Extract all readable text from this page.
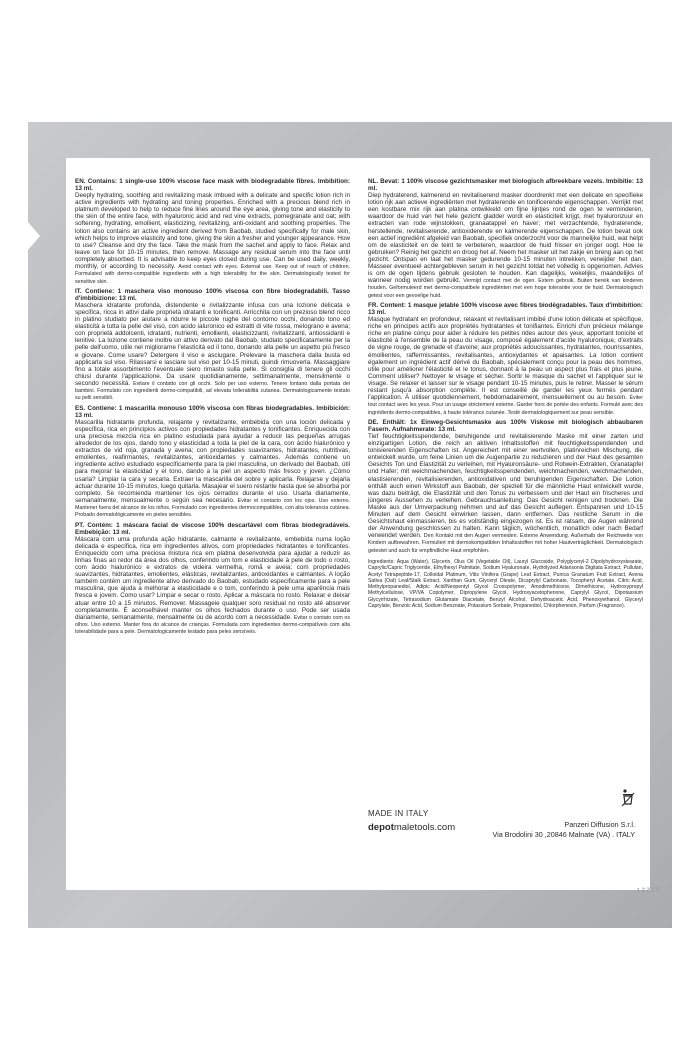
EN. Contains: 1 single-use 100% viscose face mask with biodegradable fibres. Imbibition: 13 ml.
Deeply hydrating, soothing and revitalizing mask imbued with a delicate and specific lotion rich in active ingredients with hydrating and toning properties. Enriched with a precious blend rich in platinum developed to help to reduce fine lines around the eye area, giving tone and elasticity to the skin of the entire face, with hyaluronic acid and red vine extracts, pomegranate and oat; with softening, hydrating, emollient, elasticizing, revitalizing, anti-oxidant and soothing properties. The lotion also contains an active ingredient derived from Baobab, studied specifically for male skin, which helps to improve elasticity and tone, giving the skin a fresher and younger appearance. How to use? Cleanse and dry the face. Take the mask from the sachet and apply to face. Relax and leave on face for 10-15 minutes, then remove. Massage any residual serum into the face until completely absorbed. It is advisable to keep eyes closed during use. Can be used daily, weekly, monthly, or according to necessity. Avoid contact with eyes. External use. Keep out of reach of children. Formulated with dermo-compatible ingredients with a high tolerability for the skin. Dermatologically tested for sensitive skin.
IT. Contiene: 1 maschera viso monouso 100% viscosa con fibre biodegradabili. Tasso d'imbibizione: 13 ml.
Maschera idratante profonda, distendente e rivitalizzante infusa con una lozione delicata e specifica, ricca in attivi dalle proprietà idratanti e tonificanti. Arricchita con un prezioso blend ricco in platino studiato per aiutare a ridurre le piccole rughe del contorno occhi, donando tono ed elasticità a tutta la pelle del viso, con acido ialuronico ed estratti di vite rossa, melograno e avena; con proprietà addolcenti, idratanti, nutrienti, emollienti, elasticizzanti, rivitalizzanti, antiossidanti e lenitive. La lozione contiene inoltre un attivo derivato dal Baobab, studiato specificatamente per la pelle dell'uomo, utile nel migliorarne l'elasticità ed il tono, donando alla pelle un aspetto più fresco e giovane. Come usare? Detergere il viso e asciugare. Prelevare la maschera dalla busta ed applicarla sul viso. Rilassarsi e lasciare sul viso per 10-15 minuti, quindi rimuoverla. Massaggiare fino a totale assorbimento l'eventuale siero rimasto sulla pelle. Si consiglia di tenere gli occhi chiusi durante l'applicazione. Da usare quotidianamente, settimanalmente, mensilmente o secondo necessità. Evitare il contatto con gli occhi. Solo per uso esterno. Tenere lontano dalla portata dei bambini. Formulato con ingredienti dermo-compatibili, ad elevata tollerabilità cutanea. Dermatologicamente testato su pelli sensibili.
ES. Contiene: 1 mascarilla monouso 100% viscosa con fibras biodegradables. Imbibición: 13 ml.
Mascarilla hidratante profunda, relajante y revitalizante, embebida con una loción delicada y específica, rica en principios activos con propiedades hidratantes y tonificantes. Enriquecida con una preciosa mezcla rica en platino estudiada para ayudar a reducir las pequeñas arrugas alrededor de los ojos, dando tono y elasticidad a toda la piel de la cara, con ácido hialurónico y extractos de vid roja, granada y avena; con propiedades suavizantes, hidratantes, nutritivas, emolientes, reafirmantes, revitalizantes, antioxidantes y calmantes. Además contiene un ingrediente activo estudiado específicamente para la piel masculina, un derivado del Baobab, útil para mejorar la elasticidad y el tono, dando a la piel un aspecto más fresco y joven. ¿Cómo usarla? Limpiar la cara y secarla. Extraer la mascarilla del sobre y aplicarla. Relajarse y dejarla actuar durante 10-15 minutos, luego quitarla. Masajear el suero restante hasta que se absorba por completo. Se recomienda mantener los ojos cerrados durante el uso. Usarla diariamente, semanalmente, mensualmente o según sea necesario. Evitar el contacto con los ojos. Uso externo. Mantener fuera del alcance de los niños. Formulado con ingredientes dermocompatibles, con alta tolerancia cutánea. Probado dermatológicamente en pieles sensibles.
PT. Contém: 1 máscara facial de viscose 100% descartável com fibras biodegradáveis. Embebição: 13 ml.
Máscara com uma profunda ação hidratante, calmante e revitalizante, embebida numa loção delicada e específica, rica em ingredientes ativos, com propriedades hidratantes e tonificantes. Enriquecido com uma preciosa mistura rica em platina desenvolvida para ajudar a reduzir as linhas finas ao redor da área dos olhos, conferindo um tom e elasticidade à pele de todo o rosto, com ácido hialurónico e extratos de videira vermelha, romã e aveia; com propriedades suavizantes, hidratantes, emolientes, elásticas, revitalizantes, antioxidantes e calmantes. A loção também contém um ingrediente ativo derivado do Baobab, estudado especificamente para a pele masculina, que ajuda a melhorar a elasticidade e o tom, conferindo à pele uma aparência mais fresca e jovem. Como usar? Limpar e secar o rosto. Aplicar a máscara no rosto. Relaxar e deixar atuar entre 10 a 15 minutos. Remover. Massageie qualquer soro residual no rosto até absorver completamente. É aconselhável manter os olhos fechados durante o uso. Pode ser usada diariamente, semanalmente, mensalmente ou de acordo com a necessidade. Evitar o contato com os olhos. Uso externo. Manter fora do alcance de crianças. Formulada com ingredientes dermo-compatíveis com alta tolerabilidade para a pele. Dermatologicamente testado para peles sensíveis.
NL. Bevat: 1 100% viscose gezichtsmasker met biologisch afbreekbare vezels. Imbibitie: 13 ml.
Diep hydraterend, kalmerend en revitaliserend masker doordrenkt met een delicate en specifieke lotion rijk aan actieve ingrediënten met hydraterende en tonificerende eigenschappen. Verrijkt met een kostbare mix rijk aan platina ontwikkeld om fijne lijntjes rond de ogen te verminderen, waardoor de huid van het hele gezicht gladder wordt en elasticiteit krijgt, met hyaluronzuur en extracten van rode wijnstokken, granaatappel en haver; met verzachtende, hydraterende, herstellende, revitaliserende, antioxiderende en kalmerende eigenschappen. De lotion bevat ook een actief ingrediënt afgeleid van Baobab, specifiek onderzocht voor de mannelijke huid, wat helpt om de elasticiteit en de teint te verbeteren, waardoor de huid frisser en jonger oogt. Hoe te gebruiken? Reinig het gezicht en droog het af. Neem het masker uit het zakje en breng aan op het gezicht. Ontspan en laat het masker gedurende 10-15 minuten intrekken, verwijder het dan. Masseer eventueel achtergebleven serum in het gezicht totdat het volledig is opgenomen. Advies is om de ogen tijdens gebruik gesloten te houden. Kan dagelijks, wekelijks, maandelijks of wanneer nodig worden gebruikt. Vermijd contact met de ogen. Extern gebruik. Buiten bereik van kinderen houden. Geformuleerd met dermo-compatibele ingrediënten met een hoge tolerantie voor de huid. Dermatologisch getest voor een gevoelige huid.
FR. Content: 1 masque jetable 100% viscose avec fibres biodégradables. Taux d'imbibition: 13 ml.
Masque hydratant en profondeur, relaxant et revitalisant imbibé d'une lotion délicate et spécifique, riche en principes actifs aux propriétés hydratantes et tonifiantes. Enrichi d'un précieux mélange riche en platine conçu pour aider à réduire les petites rides autour des yeux, apportant tonicité et élasticité à l'ensemble de la peau du visage, composé également d'acide hyaluronique, d'extraits de vigne rouge, de grenade et d'avoine; aux propriétés adoucissantes, hydratantes, nourrissantes, émollientes, raffermissantes, revitalisantes, antioxydantes et apaisantes. La lotion contient également un ingrédient actif dérivé du Baobab, spécialement conçu pour la peau des hommes, utile pour améliorer l'élasticité et le tonus, donnant à la peau un aspect plus frais et plus jeune. Comment utiliser? Nettoyer le visage et sécher. Sortir le masque du sachet et l'appliquer sur le visage. Se relaxer et laisser sur le visage pendant 10-15 minutes, puis le retirer. Masser le sérum restant jusqu'à absorption complète. Il est conseillé de garder les yeux fermés pendant l'application. À utiliser quotidiennement, hebdomadairement, mensuellement ou au besoin. Éviter tout contact avec les yeux. Pour un usage strictement externe. Garder hors de portée des enfants. Formulé avec des ingrédients dermo-compatibles, à haute tolérance cutanée. Testé dermatologiquement sur peau sensible.
DE. Enthält: 1x Einweg-Gesichtsmaske aus 100% Viskose mit biologisch abbaubaren Fasern. Aufnahmerate: 13 ml.
Tief feuchtigkeitsspendende, beruhigende und revitalisierende Maske mit einer zarten und einzigartigen Lotion, die reich an aktiven Inhaltsstoffen mit feuchtigkeitsspendenden und tonisierenden Eigenschaften ist. Angereichert mit einer wertvollen, platinreichen Mischung, die entwickelt wurde, um feine Linien um die Augenpartie zu reduzieren und der Haut des gesamten Gesichts Ton und Elastizität zu verleihen, mit Hyaluronsäure- und Rotwein-Extrakten, Granatapfel und Hafer; mit weichmachenden, feuchtigkeitsspendenden, weichmachenden, weichmachenden, elastisierenden, revitalisierenden, antioxidativen und beruhigenden Eigenschaften. Die Lotion enthält auch einen Wirkstoff aus Baobab, der speziell für die männliche Haut entwickelt wurde, was dazu beiträgt, die Elastizität und den Tonus zu verbessern und der Haut ein frischeres und jüngeres Aussehen zu verleihen. Gebrauchsanleitung: Das Gesicht reinigen und trocknen. Die Maske aus der Umverpackung nehmen und auf das Gesicht auflegen. Entspannen und 10-15 Minuten auf dem Gesicht einwirken lassen, dann entfernen. Das restliche Serum in die Gesichtshaut einmassieren, bis es vollständig eingezogen ist. Es ist ratsam, die Augen während der Anwendung geschlossen zu halten. Kann täglich, wöchentlich, monatlich oder nach Bedarf verwendet werden. Den Kontakt mit den Augen vermeiden. Externe Anwendung. Außerhalb der Reichweite von Kindern aufbewahren. Formuliert mit dermokompatiblen Inhaltsstoffen mit hoher Hautverträglichkeit. Dermatologisch getestet und auch für empfindliche Haut empfohlen.
Ingredients: Aqua (Water), Glycerin, Olus Oil (Vegetable Oil), Lauryl Glucoside, Polyglyceryl-2 Dipolyhydroxystearate, Caprylic/Capric Triglyceride, Ethylhexyl Palmitate, Sodium Hyaluronate, Hydrolyzed Adansonia Digitata Extract, Pullulan, Acetyl Tetrapeptide-17, Colloidal Platinum, Vitis Vinifera (Grape) Leaf Extract, Punica Granatum Fruit Extract, Avena Sativa (Oat) Leaf/Stalk Extract, Xanthan Gum, Glyceryl Oleate, Dicaprylyl Carbonate, Tocopheryl Acetate, Citric Acid, Methylpropanediol, Adipic Acid/Neopentyl Glycol Crosspolymer, Amodimethicone, Dimethicone, Hydroxypropyl Methylcellulose, VP/VA Copolymer, Dipropylene Glycol, Hydroxyacetophenone, Caprylyl Glycol, Dipotassium Glycyrrhizate, Tetrasodium Glutamate Diacetate, Benzyl Alcohol, Dehydroacetic Acid, Phenoxyethanol, Glyceryl Caprylate, Benzoic Acid, Sodium Benzoate, Potassium Sorbate, Propanediol, Chlorphenesin, Parfum (Fragrance).
MADE IN ITALY
depotmaletools.com	Panzeri Diffusion S.r.l.
Via Brodolini 30 ,20846 Malnate (VA) . ITALY
ızzıs
